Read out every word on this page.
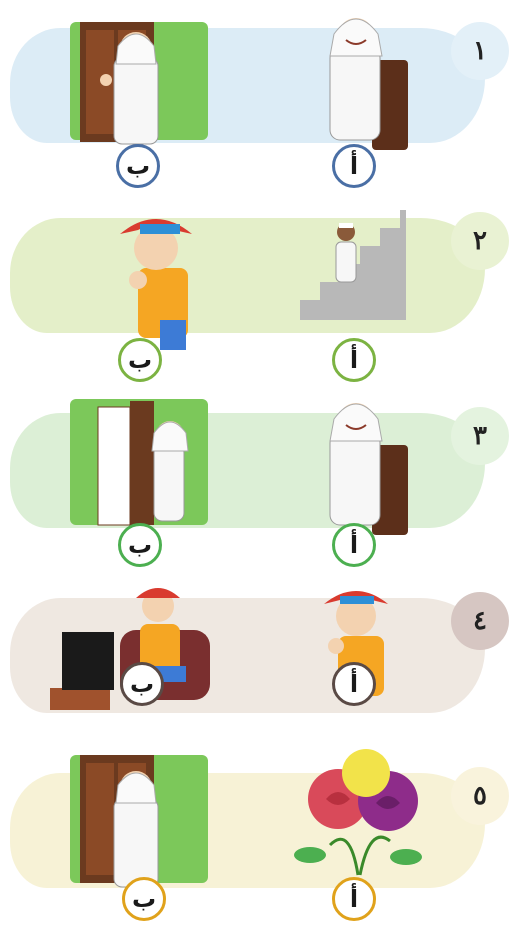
١
ب	أ
٢
ب	أ
٣
ب	أ
٤
ب	أ
٥
ب	أ
